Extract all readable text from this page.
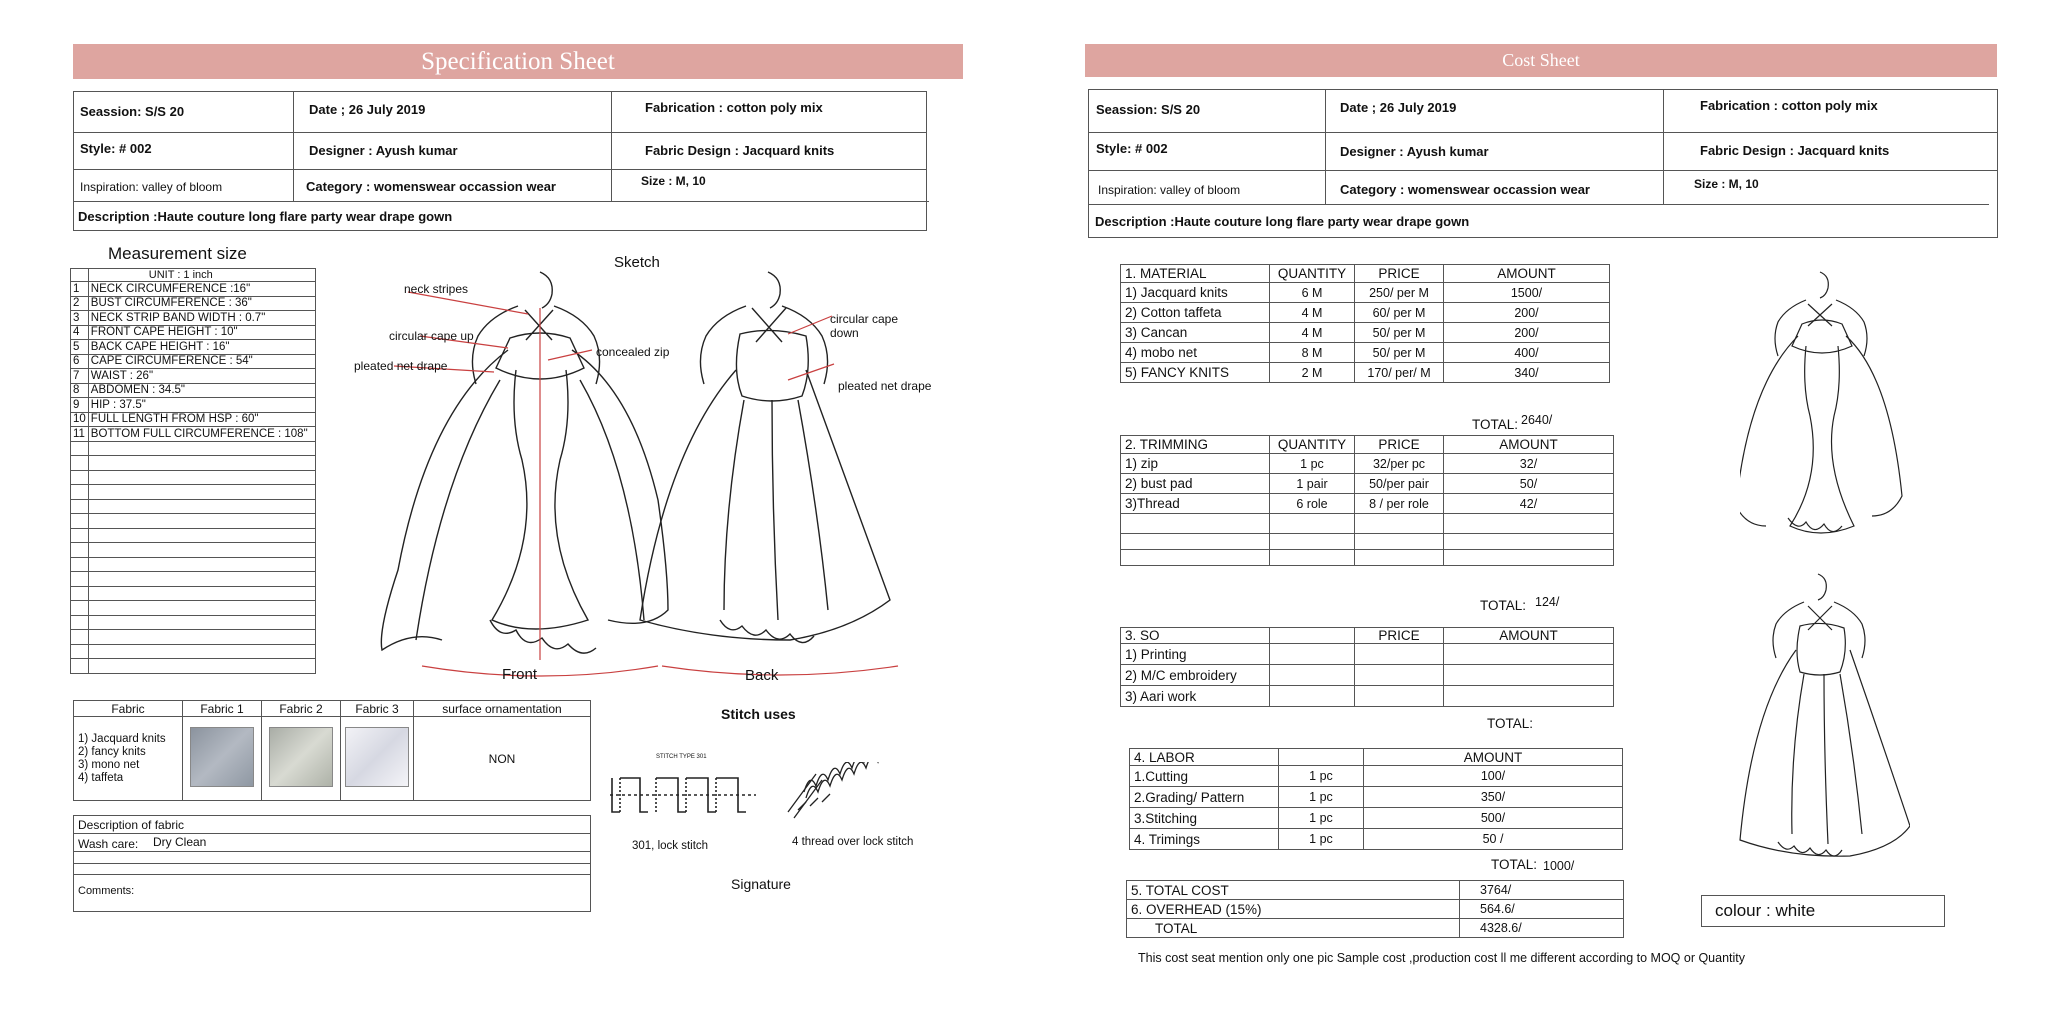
Specification Sheet
Seassion: S/S 20	Date ; 26 July 2019	Fabrication : cotton poly mix
Style: # 002	Designer : Ayush kumar	Fabric Design : Jacquard knits
Inspiration: valley of bloom	Category : womenswear occassion wear	Size : M, 10
Description :Haute couture long flare party wear drape gown
Measurement size
	UNIT : 1 inch
1	NECK CIRCUMFERENCE :16"
2	BUST CIRCUMFERENCE : 36"
3	NECK STRIP BAND WIDTH : 0.7"
4	FRONT CAPE HEIGHT : 10"
5	BACK CAPE HEIGHT : 16"
6	CAPE CIRCUMFERENCE : 54"
7	WAIST : 26"
8	ABDOMEN : 34.5"
9	HIP : 37.5"
10	FULL LENGTH FROM HSP : 60"
11	BOTTOM FULL CIRCUMFERENCE : 108"

Sketch
neck stripes
circular cape up
pleated net drape
concealed zip
circular cape
down
pleated net drape
Front	Back
Fabric	Fabric 1	Fabric 2	Fabric 3	surface ornamentation

1) Jacquard knits
2) fancy knits
3) mono net
4) taffeta				NON
Description of fabric
Wash care: Dry Clean
Comments:
Stitch uses
STITCH TYPE 301
301, lock stitch	4 thread over lock stitch
Signature
Cost Sheet
Seassion: S/S 20	Date ; 26 July 2019	Fabrication : cotton poly mix
Style: # 002	Designer : Ayush kumar	Fabric Design : Jacquard knits
Inspiration: valley of bloom	Category : womenswear occassion wear	Size : M, 10
Description :Haute couture long flare party wear drape gown
1. MATERIAL	QUANTITY	PRICE	AMOUNT
1) Jacquard knits	6 M	250/ per M	1500/
2) Cotton taffeta	4 M	60/ per M	200/
3) Cancan	4 M	50/ per M	200/
4) mobo net	8 M	50/ per M	400/
5) FANCY KNITS	2 M	170/ per/ M	340/
TOTAL: 2640/
2. TRIMMING	QUANTITY	PRICE	AMOUNT
1) zip	1 pc	32/per pc	32/
2) bust pad	1 pair	50/per pair	50/
3)Thread	6 role	8 / per role	42/

TOTAL: 124/
3. SO		PRICE	AMOUNT
1) Printing			
2) M/C embroidery			
3) Aari work			
TOTAL:
4. LABOR		AMOUNT
1.Cutting	1 pc	100/
2.Grading/ Pattern	1 pc	350/
3.Stitching	1 pc	500/
4. Trimings	1 pc	50 /
TOTAL: 1000/
5. TOTAL COST	3764/
6. OVERHEAD (15%)	564.6/
TOTAL	4328.6/
colour : white
This cost seat mention only one pic Sample cost ,production cost ll me different according to MOQ or Quantity
